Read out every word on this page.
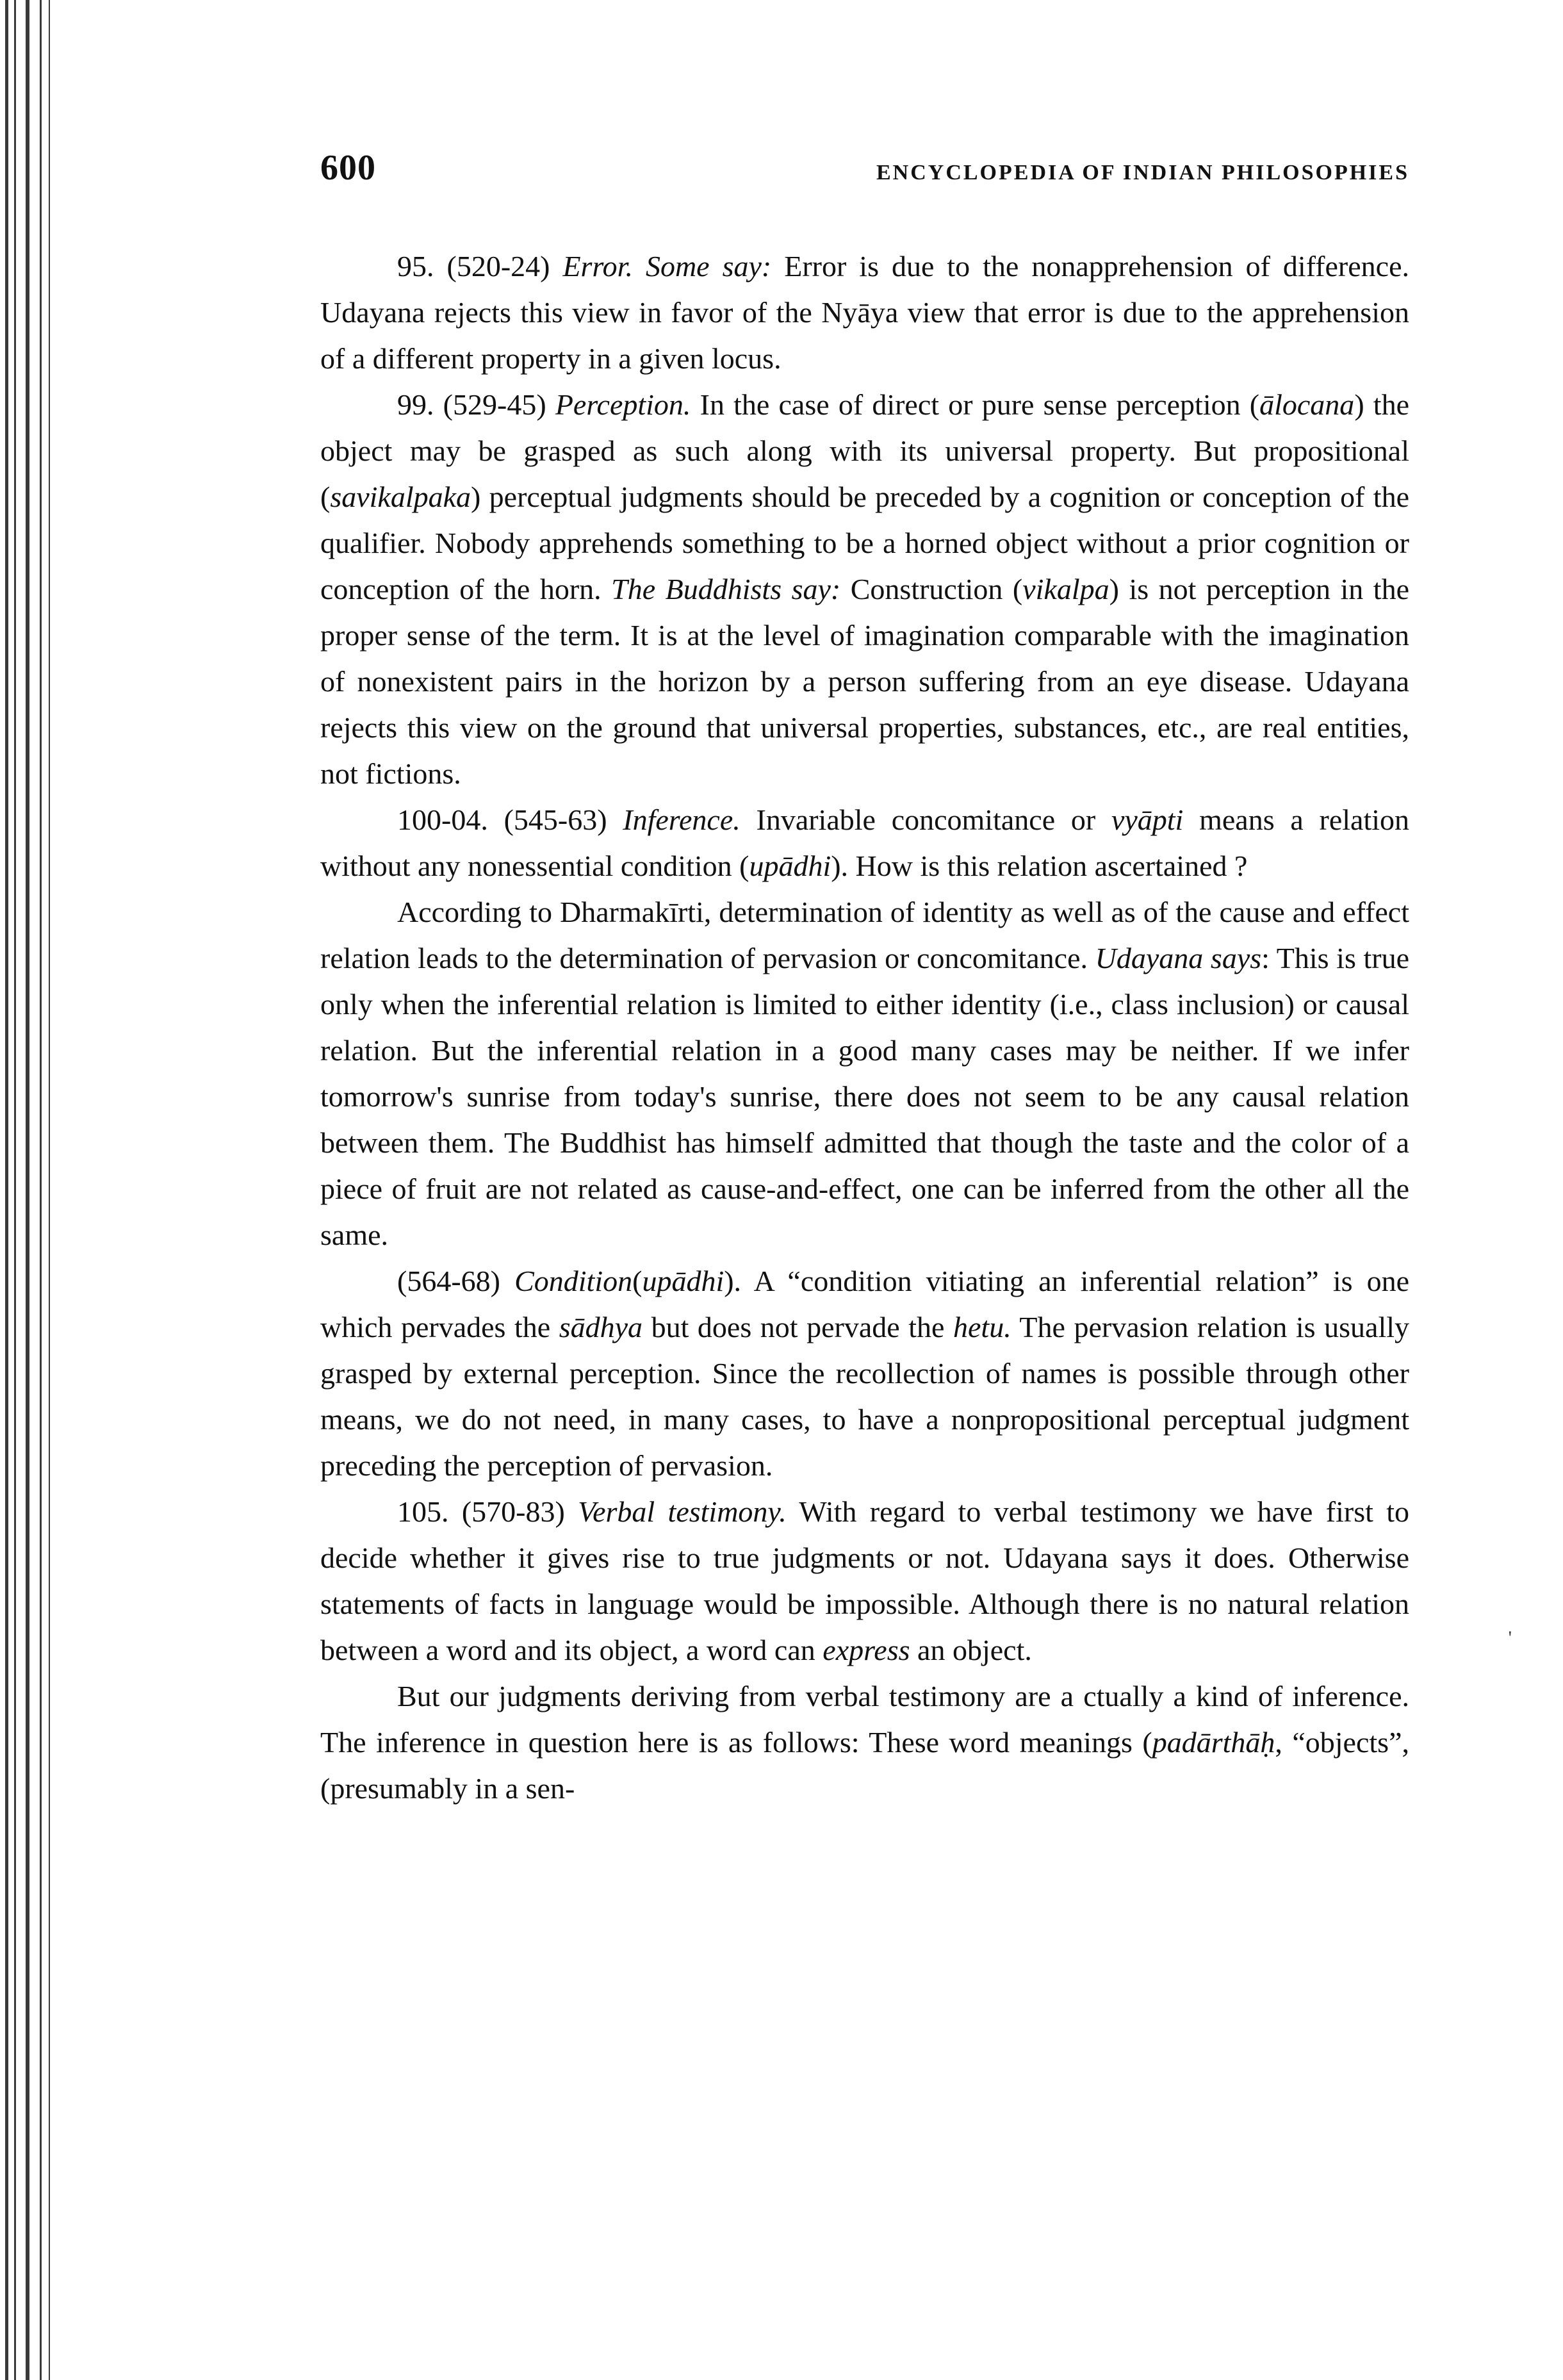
600	ENCYCLOPEDIA OF INDIAN PHILOSOPHIES

95. (520-24) Error. Some say: Error is due to the nonapprehension of difference. Udayana rejects this view in favor of the Nyāya view that error is due to the apprehension of a different property in a given locus.

99. (529-45) Perception. In the case of direct or pure sense perception (ālocana) the object may be grasped as such along with its universal property. But propositional (savikalpaka) perceptual judgments should be preceded by a cognition or conception of the qualifier. Nobody apprehends something to be a horned object without a prior cognition or conception of the horn. The Buddhists say: Construction (vikalpa) is not perception in the proper sense of the term. It is at the level of imagination comparable with the imagination of nonexistent pairs in the horizon by a person suffering from an eye disease. Udayana rejects this view on the ground that universal properties, substances, etc., are real entities, not fictions.

100-04. (545-63) Inference. Invariable concomitance or vyāpti means a relation without any nonessential condition (upādhi). How is this relation ascertained ?

According to Dharmakīrti, determination of identity as well as of the cause and effect relation leads to the determination of pervasion or concomitance. Udayana says: This is true only when the inferential relation is limited to either identity (i.e., class inclusion) or causal relation. But the inferential relation in a good many cases may be neither. If we infer tomorrow's sunrise from today's sunrise, there does not seem to be any causal relation between them. The Buddhist has himself admitted that though the taste and the color of a piece of fruit are not related as cause-and-effect, one can be inferred from the other all the same.

(564-68) Condition(upādhi). A “condition vitiating an inferential relation” is one which pervades the sādhya but does not pervade the hetu. The pervasion relation is usually grasped by external perception. Since the recollection of names is possible through other means, we do not need, in many cases, to have a nonpropositional perceptual judgment preceding the perception of pervasion.

105. (570-83) Verbal testimony. With regard to verbal testimony we have first to decide whether it gives rise to true judgments or not. Udayana says it does. Otherwise statements of facts in language would be impossible. Although there is no natural relation between a word and its object, a word can express an object.

But our judgments deriving from verbal testimony are a ctually a kind of inference. The inference in question here is as follows: These word meanings (padārthāḥ, “objects”, (presumably in a sen-

'
